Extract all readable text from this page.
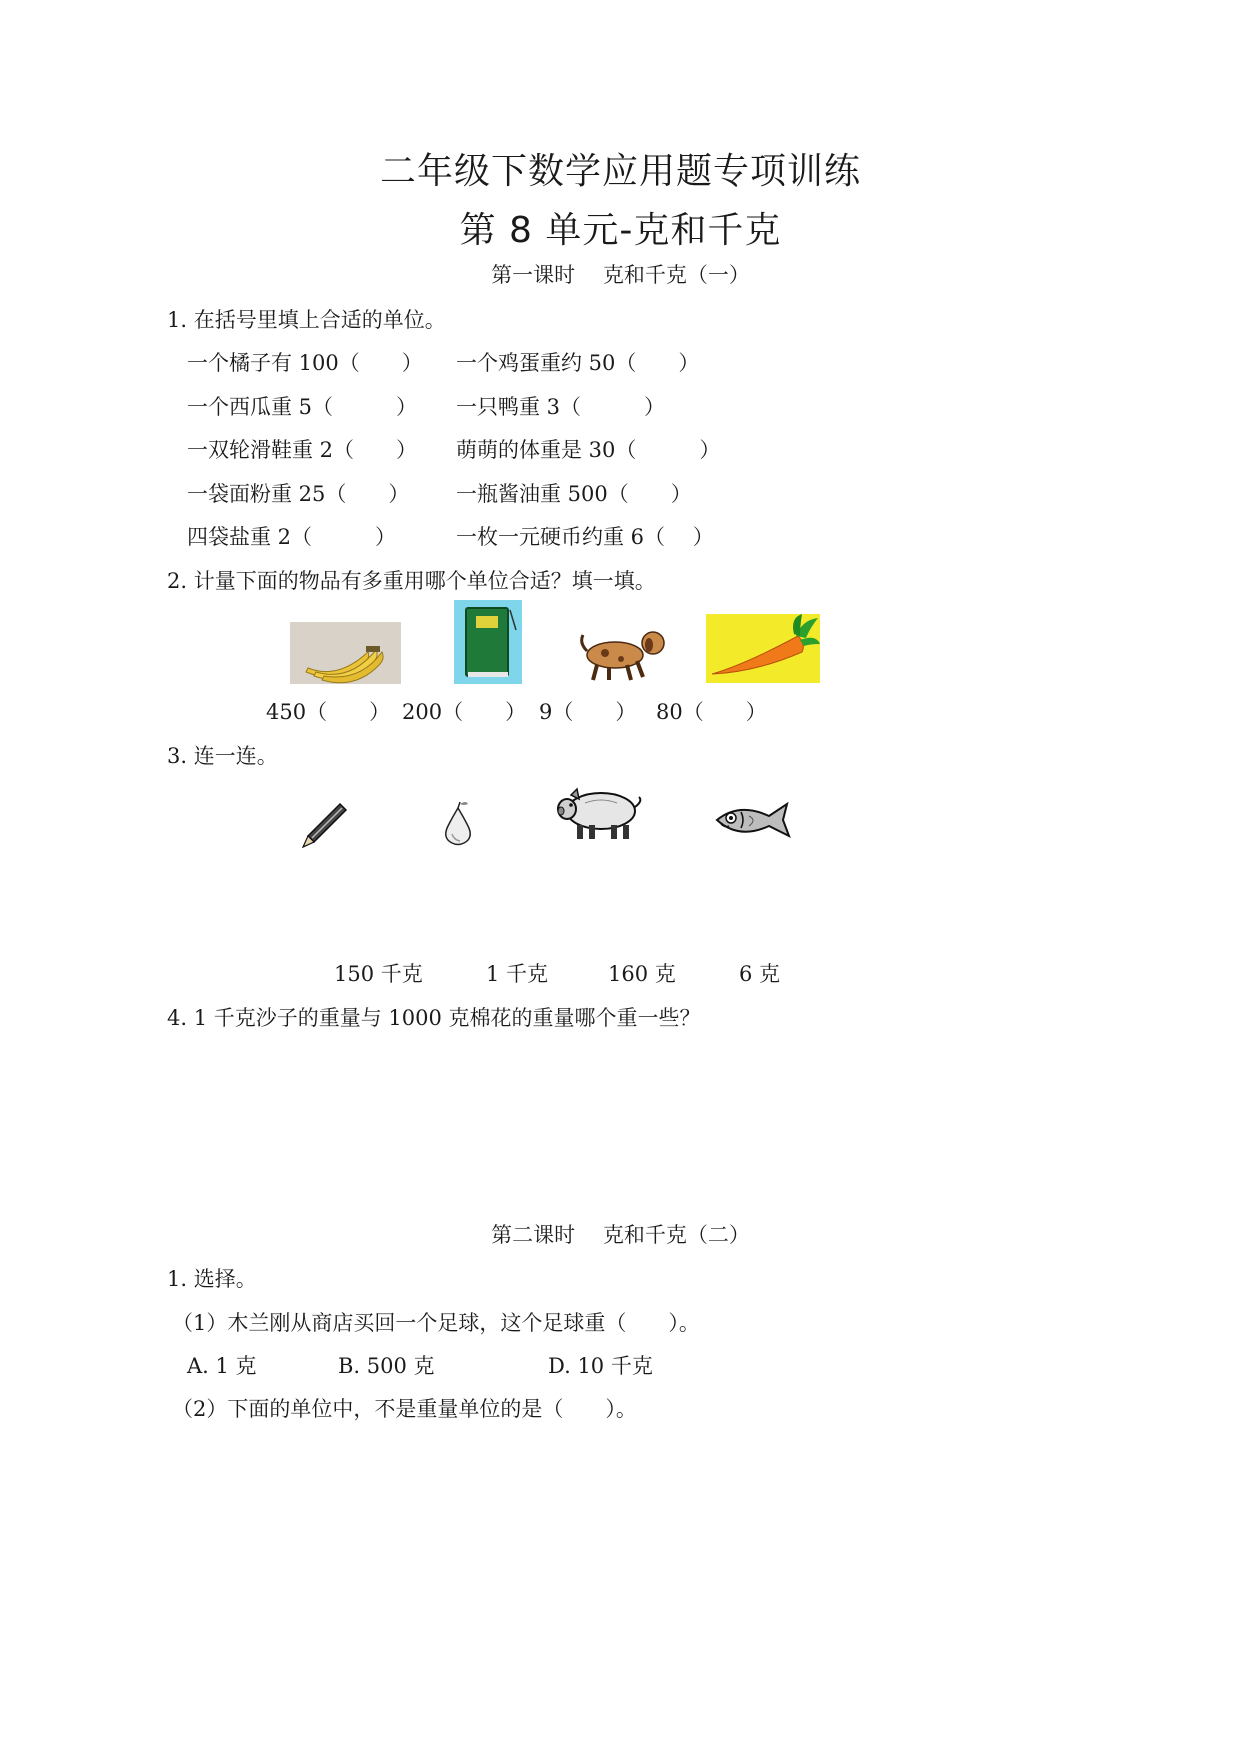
二年级下数学应用题专项训练
第 8 单元-克和千克
第一课时　 克和千克（一）
1. 在括号里填上合适的单位。
一个橘子有 100（　　） 一个鸡蛋重约 50（　　）
一个西瓜重 5（　　　） 一只鸭重 3（　　　）
一双轮滑鞋重 2（　　） 萌萌的体重是 30（　　　）
一袋面粉重 25（　　） 一瓶酱油重 500（　　）
四袋盐重 2（　　　）	一枚一元硬币约重 6（　 ）
2. 计量下面的物品有多重用哪个单位合适？填一填。
450（　　） 200（　　） 9（　　） 80（　　）
3. 连一连。
150 千克	1 千克	160 克	6 克
4. 1 千克沙子的重量与 1000 克棉花的重量哪个重一些？
第二课时　 克和千克（二）
1. 选择。
（1）木兰刚从商店买回一个足球，这个足球重（　　）。
A. 1 克	B. 500 克	D. 10 千克
（2）下面的单位中，不是重量单位的是（　　）。
